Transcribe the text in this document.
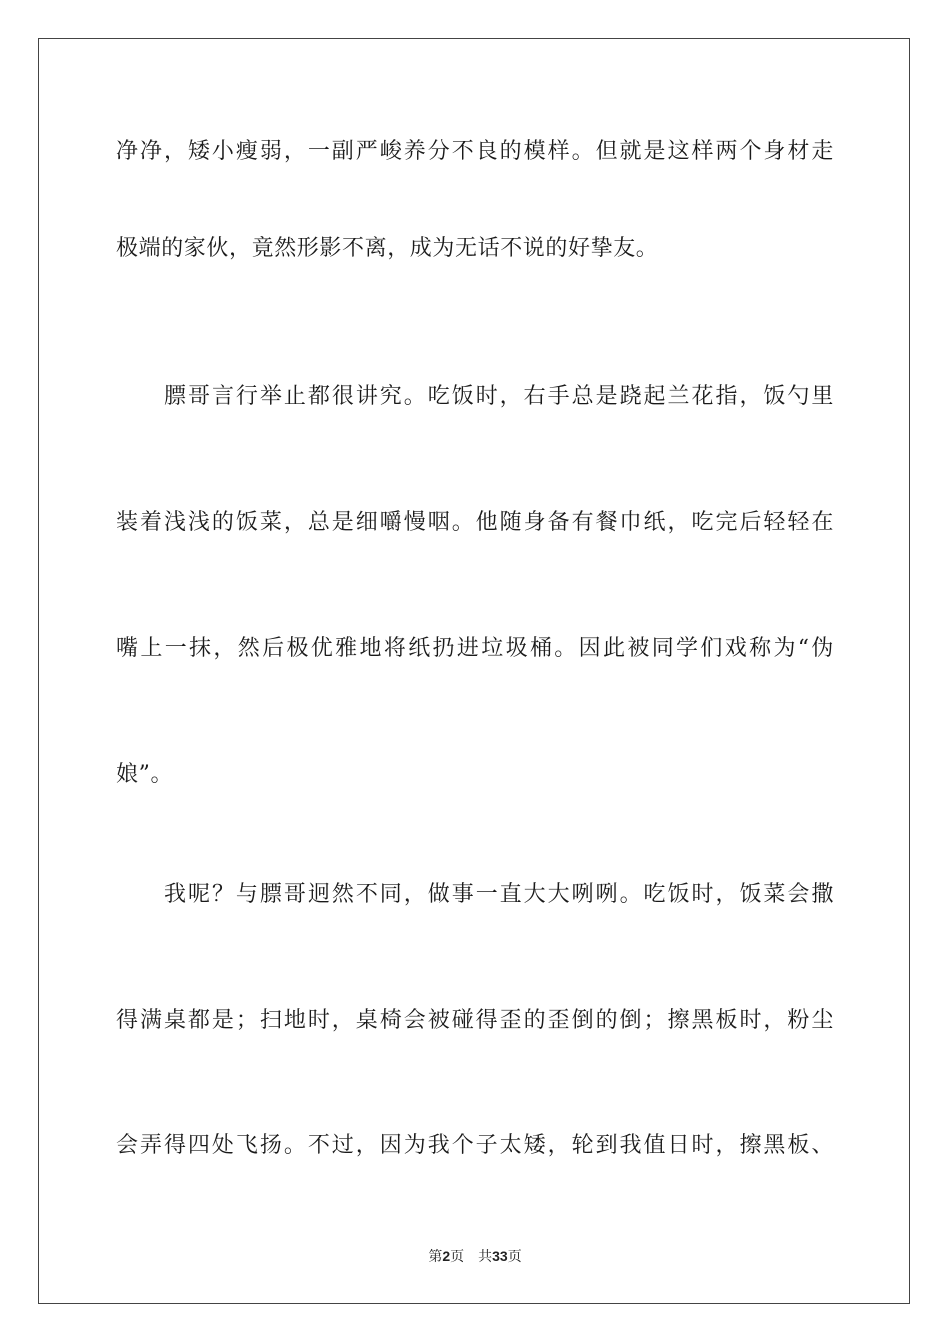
净净，矮小瘦弱，一副严峻养分不良的模样。但就是这样两个身材走
极端的家伙，竟然形影不离，成为无话不说的好挚友。
膘哥言行举止都很讲究。吃饭时，右手总是跷起兰花指，饭勺里
装着浅浅的饭菜，总是细嚼慢咽。他随身备有餐巾纸，吃完后轻轻在
嘴上一抹，然后极优雅地将纸扔进垃圾桶。因此被同学们戏称为“伪
娘”。
我呢？与膘哥迥然不同，做事一直大大咧咧。吃饭时，饭菜会撒
得满桌都是；扫地时，桌椅会被碰得歪的歪倒的倒；擦黑板时，粉尘
会弄得四处飞扬。不过，因为我个子太矮，轮到我值日时，擦黑板、
第2页 共33页
